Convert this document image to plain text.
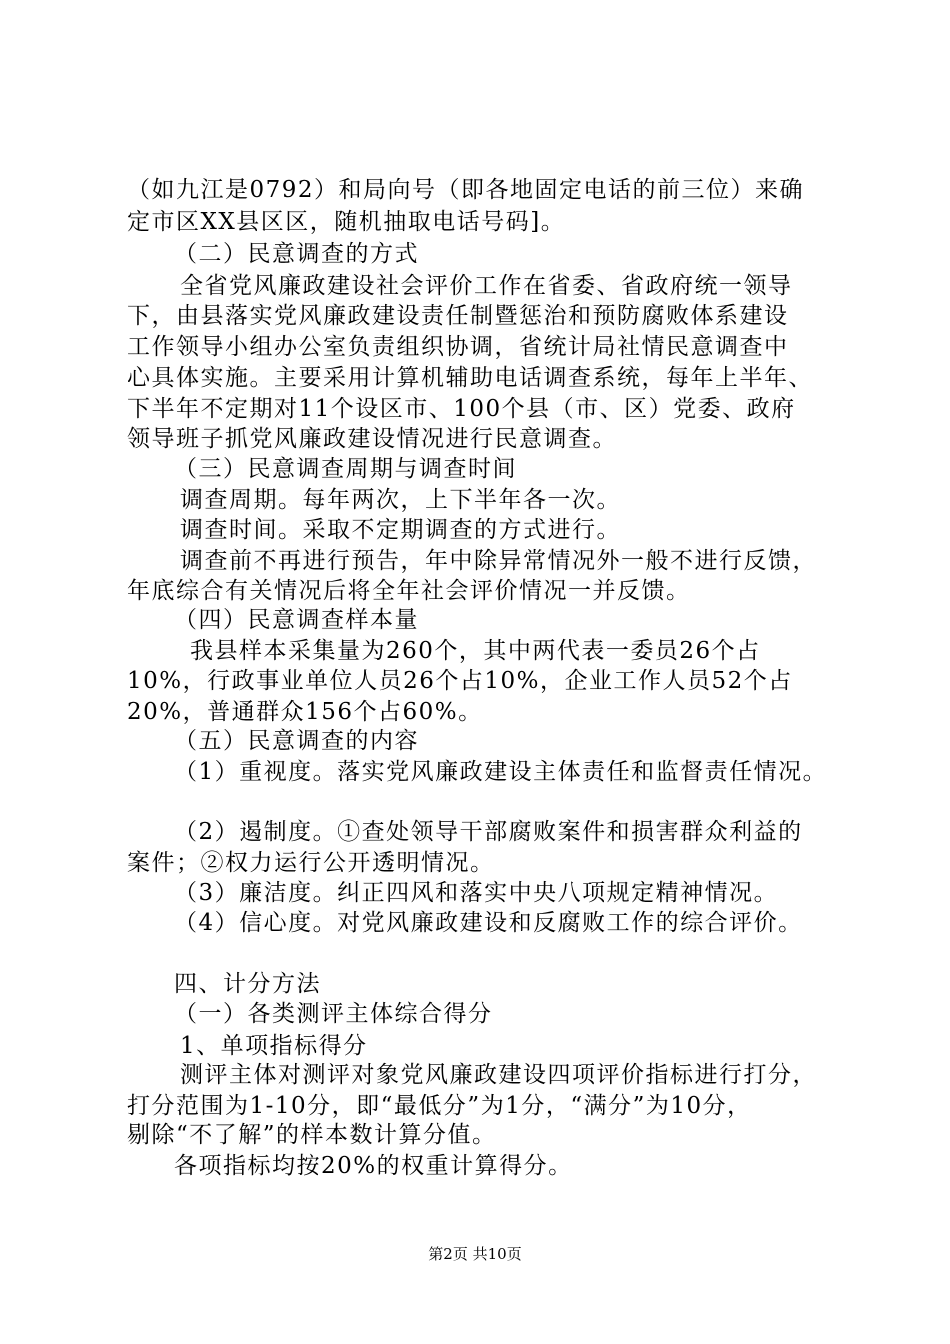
（如九江是0792）和局向号（即各地固定电话的前三位）来确
定市区XX县区区，随机抽取电话号码]。
（二）民意调查的方式
全省党风廉政建设社会评价工作在省委、省政府统一领导
下，由县落实党风廉政建设责任制暨惩治和预防腐败体系建设
工作领导小组办公室负责组织协调，省统计局社情民意调查中
心具体实施。主要采用计算机辅助电话调查系统，每年上半年、
下半年不定期对11个设区市、100个县（市、区）党委、政府
领导班子抓党风廉政建设情况进行民意调查。
（三）民意调查周期与调查时间
调查周期。每年两次，上下半年各一次。
调查时间。采取不定期调查的方式进行。
调查前不再进行预告，年中除异常情况外一般不进行反馈，
年底综合有关情况后将全年社会评价情况一并反馈。
（四）民意调查样本量
我县样本采集量为260个，其中两代表一委员26个占
10%，行政事业单位人员26个占10%，企业工作人员52个占
20%，普通群众156个占60%。
（五）民意调查的内容
（1）重视度。落实党风廉政建设主体责任和监督责任情况。
（2）遏制度。①查处领导干部腐败案件和损害群众利益的
案件；②权力运行公开透明情况。
（3）廉洁度。纠正四风和落实中央八项规定精神情况。
（4）信心度。对党风廉政建设和反腐败工作的综合评价。
四、计分方法
（一）各类测评主体综合得分
1、单项指标得分
测评主体对测评对象党风廉政建设四项评价指标进行打分，
打分范围为1-10分，即“最低分”为1分，“满分”为10分，
剔除“不了解”的样本数计算分值。
各项指标均按20%的权重计算得分。
第2页 共10页
